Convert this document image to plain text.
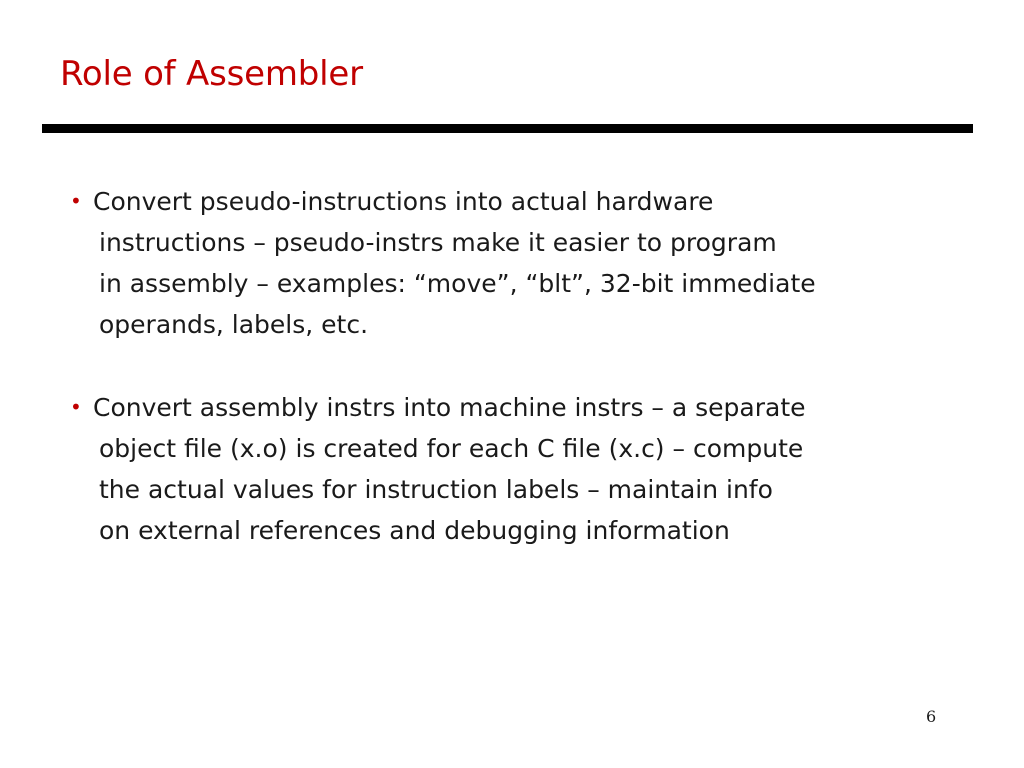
Role of Assembler
• Convert pseudo-instructions into actual hardware
instructions – pseudo-instrs make it easier to program
in assembly – examples: “move”, “blt”, 32-bit immediate
operands, labels, etc.
• Convert assembly instrs into machine instrs – a separate
object file (x.o) is created for each C file (x.c) – compute
the actual values for instruction labels – maintain info
on external references and debugging information
6
